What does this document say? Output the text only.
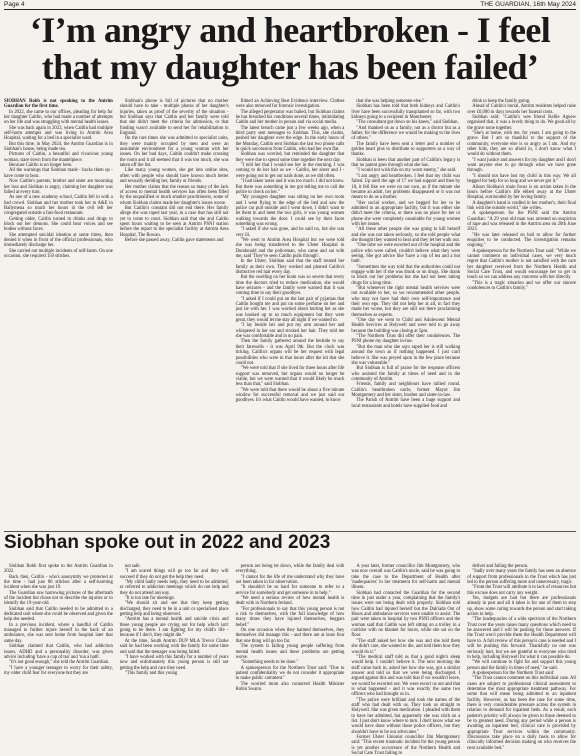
Page 4	THE GUARDIAN, 16th May 2024
‘I’m angry and heartbroken - I feel that my daughter has been failed’

SIOBHAN Robb is not speaking to the Antrim Guardian for the first time.

In 2022, she came to our offices, pleading for help for her daughter Caitlin, who had made a number of attempts on her life and was struggling with mental health issues.

She was back again in 2023, when Caitlin had multiple self-harm attempts and was living in Antrim Area Hospital, waiting for a bed in a specialist ward.

But this time, in May 2024, the Antrim Guardian is in Siobhan's house, being made tea.

Pictures of Caitlin, a beautiful and vivacious young woman, stare down from the mantelpiece.

Because Caitlin is no longer here.

All the warnings that Siobhan made - backs them up - have come to bear.

Now Caitlin's parents, brother and sister are mourning her loss and Siobhan is angry, claiming her daughter was failed at every turn.

As one of a new academy school, Caitlin fell in with a bad crowd. Siobhan and her mother took her to A&E in Ballymena so much her hours in the cell left her congregated outside a fast-food restaurant.

Getting older, Caitlin turned to drinks and drugs to block out her demons. She could hear voices and see bodies without faces.

She attempted suicidal ideation at some times, then denied it when in front of the official professionals, who immediately discharge her.

She carried out multiple incidents of self-harm. On one occasion, she required 150 stitches.

Siobhan's phone is full of pictures that no mother should have to take - multiple photos of her daughter's injuries, taken as proof of the severity of the situation - but Siobhan says that Caitlin and her family were told that she didn't meet the criteria for admission, or that funding wasn't available to send her for rehabilitation in England.

On the rare times she was admitted to specialist units, they were mainly occupied by men and were an unsuitable environment for a young woman with her issues. On her bad days, Caitlin couldn't make crossing the room and it all seemed that it was too much, she was taken off the list.

Like many young women, she got into online sites, often with people who should have known much better and sexually deriding her, family or friends.

Her mother claims that the reason so many of the lack of access to mental health services has often been filled by the unqualified or much smaller practitioners, some of whom Siobhan claims made her daughter's issues worse.

But Caitlin's constant did not end there. Her family allege she was raped last year, in a case that has still not yet to come to court. Siobhan said that she and Caitlin spent hours waiting to be seen at Antrim PSNI station before the report to the specialist facility at Antrim Area Hospital, The Rowan.

Before she passed away, Caitlin gave statements and

filmed an Achieving Best Evidence interview. Clothes were also removed for forensic investigation.

The alleged perpetrator was bailed, but Siobhan claims he has breached his conditions several times, intimidating Caitlin and her mother in person and via social media.

The latest breach came just a few weeks ago, when a third party sent messages to Siobhan. This, she claims, pushed her daughter over the edge. In the early hours of the Monday, Caitlin sent Siobhan the last two phone calls in quick succession from Caitlin, who had her own flat.

Siobhan was worried, but reminded the daughter that they were due to spend some time together the next day.

"I told her that I would see her in the morning, I was coming to do her hair as we - Caitlin, her sister and I - were going out to get our nails done, as we did often.

"I had taken notes and it was too much. I did not know. But there was something in me got telling me to call the police to check on her."

"My youngest daughter was sitting on her own room and I went flying to the edge of the bed and saw the police car pull outside and I went down, I didn't want to let them in and meet the two girls, it was young women walking towards the door. I could see by their faces something was wrong.

"I asked if she was gone, and he said no, but she was very ill.

"We went to Antrim Area Hospital but we were told she was being transferred to the Ulster Hospital in Dundonald and the policeman, who came and sat with me, said 'They've seen Caitlin pulls through'.

In the Ulster, Siobhan said that the staff treated her family as their own. They worked and phoned Caitlin's distinctive red hair every day.

But the swelling on her brain was so severe that every time the doctors tried to reduce medication, she would have seizures - and the family were warned that it was coming time to say their goodbyes.

"I asked if I could put on the last pair of pyjamas that Caitlin bought me and put on some perfume on her and just lie with her. I was worried about hurting her as she was hooked up to so much equipment but they were great, they would let me stay all night if we wanted to.

"I lay beside her and put my arm around her and whispered in her ear and stroked her hair. They told me she was comfortable and in no pain.

Then the family gathered around the bedside to say their farewells - it was April 9th. But the clock was ticking. Caitlin's organs will be her request with legal possibilities who were in that hours after the kit that she could not.

"We were told that if she lived for three hours after life support was removed, her organs would no longer be viable, but we were warned that it would likely be much less than that," said Siobhan.

"We were told that there would be about a five minute window for successful removal and we just said our goodbyes. It's what Caitlin would have wanted, to know

that she was helping someone else."

Siobhan has been told that both kidneys and Caitlin's liver have been successfully transplanted so far, with two kidneys going to a recipient in Manchester.

"The consultant got down on his knees," said Siobhan.

"And thanked us as a family, not as a doctor but as a father, for the difference we would be making to the lives of others."

The family have been sent a letter and a number of golden heart pins to distribute to supporters as a way of thanks.

Siobhan is been that another part of Caitlin's legacy is that no parent goes through what she has.

"I would not wish this on my worst enemy," she said.

"I am angry and heartbroken. I feel that my child was failed. Up until the age of 17 we had support and then by 18, it fell like we were on our own, as if the minute she became an adult, her problems disappeared or it was not meant to do as a mother.

"Her social worker, and we begged for her to be admitted to an appropriate facility, but it was either she didn't meet the criteria, or there was no place for her or phone she were completely unsuitable for young women with her issues.

"All these other people she was going to kill herself and she was not taken seriously, so she told people what she thought they wanted to hear and they let her walk out.

"One time we were escorted out of the hospital and the police who were called, couldn't believe what they were seeing. She got advice like 'have a cup of tea and a hot bath'.

"Sometimes the way told that the authorities could not engage with her if she was drunk or on drugs. She drank to block out her problems but she had not been taking drugs for a long time.

"But whenever the right mental health services were not available to her, so we recommended other people, who may not have had their own self-importance and their own ego. They did not help her at all, in fact they made her worse, but they are still out there proclaiming themselves as experts.

"One day we went to Child and Adolescent Mental Health Services at Holywell and were told to go away because the building was closing at 5pm.

"The Northern Trust did offer their condolences. The PSNI phone my daughter in-law.

"But the man who she says raped her is still walking around the town as if nothing happened. I just can't believe it. She was preyed upon in the few place because she was vulnerable."

But Siobhan is full of praise for the response officers who assisted the family at times of need and in the community of Antrim.

Friends, family and neighbours have rallied round. Caitlin's heartbroken uncle, former Mayor Jim Montgomery and her sister, brother and sister-in-law.

The Parish of Antrim have been a huge support and local restaurants and hotels have supplied food and

drink to keep the family going.

Ahead of Caitlin's burial, Antrim residents helped raise over £6,000 in days towards her funeral costs.

Siobhan said: "Caitlin's wee friend Kellie Agnew organised that, it was a lovely thing to do. We good all by the grave none together.

"She's at home, with me, for years, I am going to the grave. But I am so thankful to the support of the community, everyone else is so angry as I am. And my other kids, they are so afraid in, I don't know what I would do without them.

"I want justice and answers for my daughter and I don't want anyone else to go through what we have gone through.

"I should not have lost my child in this way. We all begged for help for so long and we never got it."

Alison Siobhan's main focus is on action taken in the hours before Caitlin's life ebbed away at the Ulster Hospital, surrounded by her loving family.

A daughter's hand is cradled in her mother's, their final link with the outside world," she writes.

A spokesperson for the PSNI said the Antrim Guardian: "A 29 year old man was arrested on suspicion of rape and was released in the Antrim area on 20th June 2023.

"He was later released on bail to allow for further enquiries to be conducted. The investigation remains ongoing."

A spokesperson for the Northern Trust said: "While we cannot comment on individual cases, we very much regret that Caitlin's mother is not satisfied with the care her daughter received from the Northern Health and Social Care Trust, and would encourage her to get in touch so we can address any concerns with her directly.

"This is a tragic situation and we offer our sincere condolences to Caitlin's family."

Siobhan spoke out in 2022 and 2023

Siobhan Robb first spoke to the Antrim Guardian in 2022.

Back then, Caitlin - who's anonymity we protected at the time - had just 80 stitches after a self-harming incident when she was just 19.

The Guardian saw harrowing pictures of the aftermath of the incident but chose not to describe the injuries or to identify the 19-year-old.

Siobhan said that Caitlin needed to be admitted to a dedicated unit where she could be observed and given the help she needed.

In a previous incident, where a handful of Caitlin managed to further injure herself in the back of an ambulance, she was sent home from hospital later that same day.

Siobhan claimed that Caitlin, who had addiction issues, ADHD and a personality disorder, was given advice including 'have a cup of tea' and 'run a bath'.

"It's not good enough," she told the Antrim Guardian.

"I have a younger teenager to worry for their safety, my older child fear for everyone but they are

not safe.

"I am scared things will go too far and they will succeed if they do not get the help they need.

"My child badly needs help, they need to be admitted, or referred to addiction meetings which do not help and they do not attend anyway.

"It is too late for meetings.

"We should sit and see that they keep getting discharged, they need to be in a unit or specialised place getting help and being observed.

"Antrim has a mental health and suicide crisis and these young people are crying out for help which isn't going to be there. I am fighting for my child's life - because if I don't, they might die."

At the time, South Antrim DUP MLA Trevor Clarke said he had been working with the family for some time and said that the teenager was being failed.

"I have worked with this family for a number of years now and unfortunately this young person is still not getting the help and care they need.

"This family and this young

person are being let down, while the family deal with everything.

"I cannot for the life of me understand why they have not been taken in for observation.

"It shouldn't be so hard for someone to refer to a service for somebody and get someone in to help."

"We need a serious review of how mental health is dealt with in Northern Ireland.

"For professionals to say that this young person is not a risk to themselves, with the full knowledge of how many times they have injured themselves, beggars belief."

On one occasion when they harmed themselves, they themselves did manage this - and there are at least four that one thing will go too far.

The system is failing young people suffering from mental health issues and these problems are getting worse.

"Something needs to be done."

A spokesperson for the Northern Trust said: "Due to patient confidentiality we do not consider it appropriate to make public comment."

The worried mum also contacted Health Minister Robin Swann.

A year later, former councillor Jim Montgomery, who was now overall was Caitlin's uncle, said he was going to take the case to the Department of Health after 'inadequacies' in her treatment for self-harm and mental illness.

Siobhan had contacted the Guardian for the second time in just under a year, complaining that the family's issues were not being dealt with properly. Siobhan told how Caitlin had injured herself but the Dalriada Out of Hours and ambulance services were unable to assist. The pair were taken to hospital by two PSNI officers and the woman said that Caitlin was left sitting on a trolley in a corridor with no blanket for hours, while she sat on the floor.

"The staff asked her how she was and she told them she didn't care, she wanted to die, and told them how they would do it."

"The medical staff told us that a good night's sleep would help. I couldn't believe it. The next morning the staff came back in, asked her how she was, got a similar answer and told us that we were being discharged. I argued against this and was told that if we wouldn't leave, we would be escorted out. We were escort us out and that is what happened - and it was exactly the same two officers who had brought us in.

"The police were brilliant and took the names of the staff who had dealt with us. They took us straight to Holywell. She was given medication. I pleaded with them to have her admitted, but apparently she was sixth on a list. I just don't know where to turn. I don't know what we would have done without those police officers, but they shouldn't have to be our advocates."

Former Ulster Unionist councillor Jim Montgomery said: "This recent traumatic incident for the young person is yet another occurrence of the Northern Health and Social Care Trust failing to

deliver and failing the person.

"Sadly over many years the family has seen an absence of support from professionals in the Trust which has just led to the person suffering more and unnecessary, tragic.

"From the Trust will attribute it to lack of resources but this excuse does not carry any weight.

Yes, budgets are bad but there are professionals already in post and all it takes is for one of them to step up, show some caring towards the person and start taking action to help.

"The inadequacies of a wide spectrum of the Northern Trust over the years raises many questions which need to be answered and I will be pushing for those answers. If the Trust won't provide them the Health Department will have to. A full review of this person's case is needed and I will be pushing this forward. Thankfully no one was seriously hurt, but we are grateful to everyone who tried to help, including Holywell for what it can possible do.

"We will continue to fight for and support this young person and the family in times of need," he said.

A spokesperson for the Northern Trust said:

"The Trust cannot comment on this individual case. All cases are subject to professional clinical assessment to determine the most appropriate treatment pathway. For some that will mean being admitted to an inpatient facility. However, as has been the case for some time, there is very considerable pressure across the system in relation to demand for inpatient beds. As a result, each patient's priority will always be given to those deemed to be in greatest need. During any period while a person is awaiting an inpatient bed, clinical care is provided by appropriate Trust services within the community. Discussions take place on a daily basis to allow for clinically informed decision making on who receives the next available bed."
